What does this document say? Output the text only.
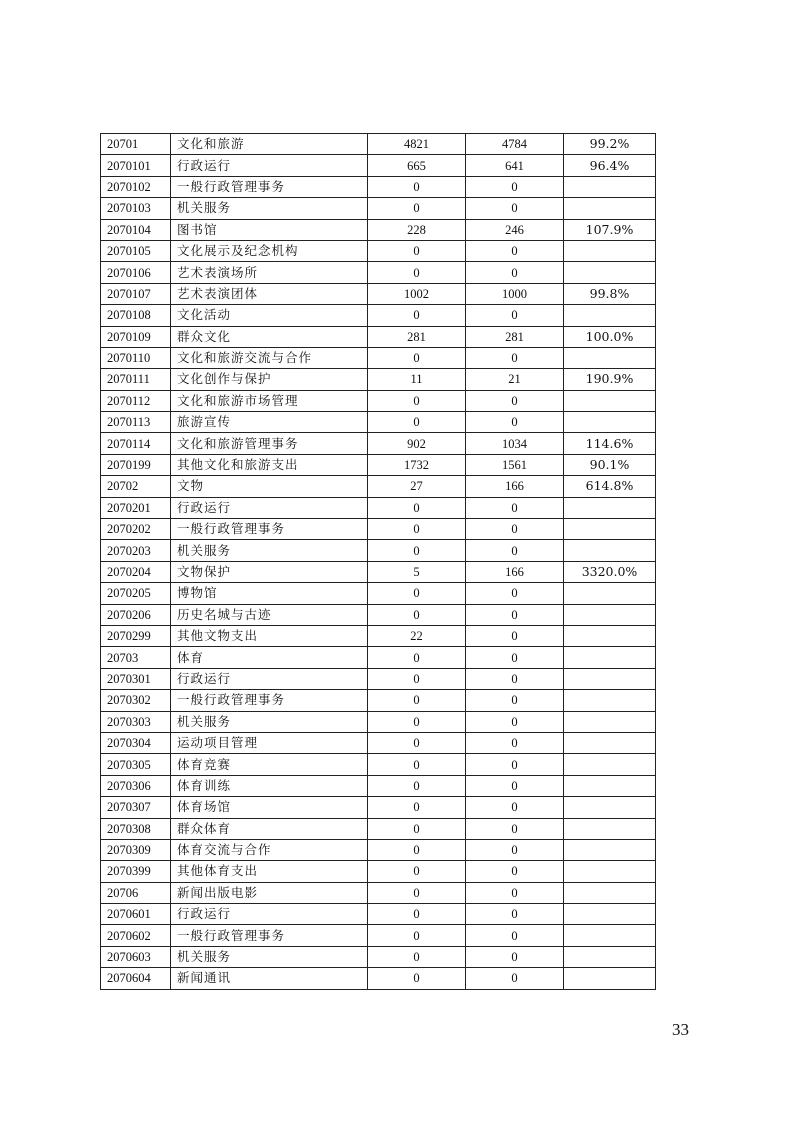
20701	文化和旅游	4821	4784	99.2%
2070101	行政运行	665	641	96.4%
2070102	一般行政管理事务	0	0	
2070103	机关服务	0	0	
2070104	图书馆	228	246	107.9%
2070105	文化展示及纪念机构	0	0	
2070106	艺术表演场所	0	0	
2070107	艺术表演团体	1002	1000	99.8%
2070108	文化活动	0	0	
2070109	群众文化	281	281	100.0%
2070110	文化和旅游交流与合作	0	0	
2070111	文化创作与保护	11	21	190.9%
2070112	文化和旅游市场管理	0	0	
2070113	旅游宣传	0	0	
2070114	文化和旅游管理事务	902	1034	114.6%
2070199	其他文化和旅游支出	1732	1561	90.1%
20702	文物	27	166	614.8%
2070201	行政运行	0	0	
2070202	一般行政管理事务	0	0	
2070203	机关服务	0	0	
2070204	文物保护	5	166	3320.0%
2070205	博物馆	0	0	
2070206	历史名城与古迹	0	0	
2070299	其他文物支出	22	0	
20703	体育	0	0	
2070301	行政运行	0	0	
2070302	一般行政管理事务	0	0	
2070303	机关服务	0	0	
2070304	运动项目管理	0	0	
2070305	体育竞赛	0	0	
2070306	体育训练	0	0	
2070307	体育场馆	0	0	
2070308	群众体育	0	0	
2070309	体育交流与合作	0	0	
2070399	其他体育支出	0	0	
20706	新闻出版电影	0	0	
2070601	行政运行	0	0	
2070602	一般行政管理事务	0	0	
2070603	机关服务	0	0	
2070604	新闻通讯	0	0	
33
